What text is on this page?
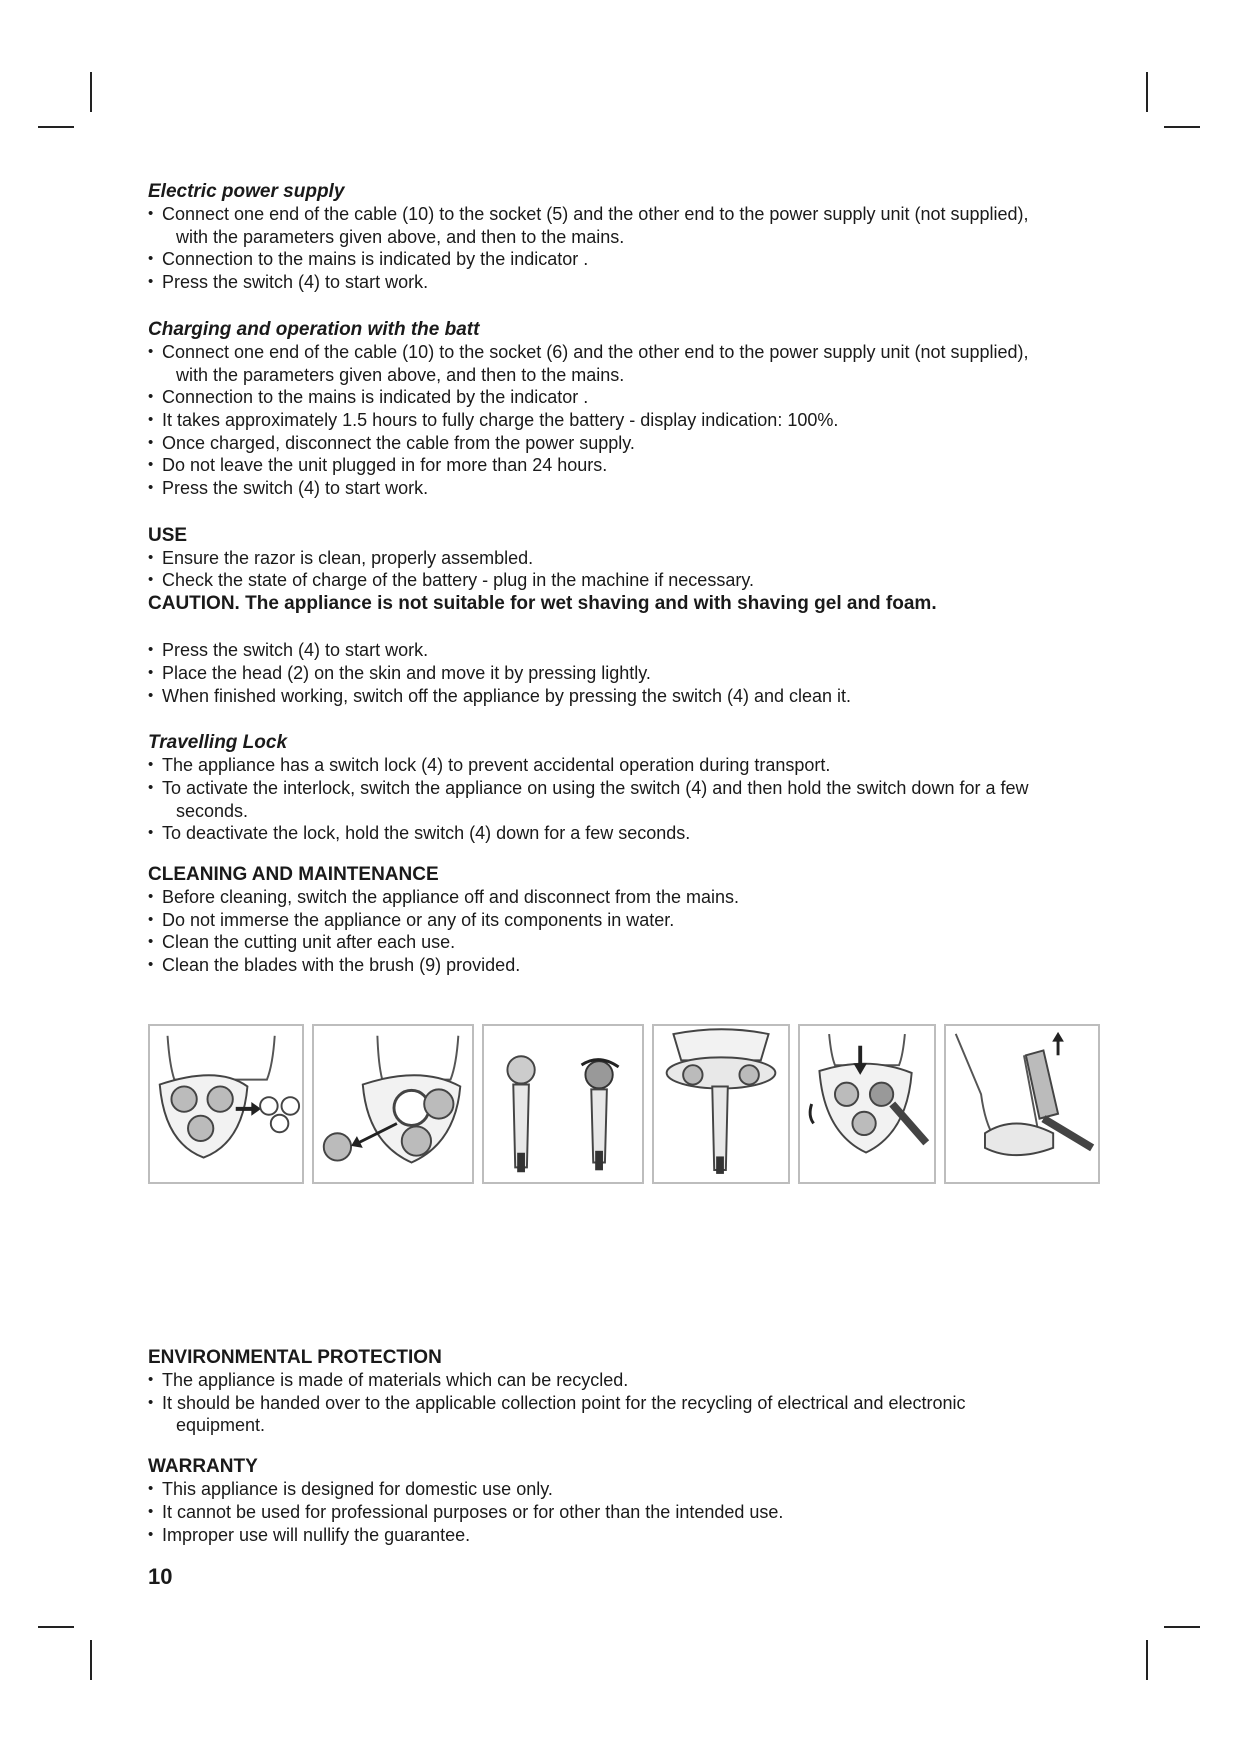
Electric power supply

• Connect one end of the cable (10) to the socket (5) and the other end to the power supply unit (not supplied),
with the parameters given above, and then to the mains.
• Connection to the mains is indicated by the indicator .
• Press the switch (4) to start work.

Charging and operation with the batt

• Connect one end of the cable (10) to the socket (6) and the other end to the power supply unit (not supplied),
with the parameters given above, and then to the mains.
• Connection to the mains is indicated by the indicator .
• It takes approximately 1.5 hours to fully charge the battery - display indication: 100%.
• Once charged, disconnect the cable from the power supply.
• Do not leave the unit plugged in for more than 24 hours.
• Press the switch (4) to start work.

USE

• Ensure the razor is clean, properly assembled.
• Check the state of charge of the battery - plug in the machine if necessary.

CAUTION. The appliance is not suitable for wet shaving and with shaving gel and foam.

• Press the switch (4) to start work.
• Place the head (2) on the skin and move it by pressing lightly.
• When finished working, switch off the appliance by pressing the switch (4) and clean it.

Travelling Lock

• The appliance has a switch lock (4) to prevent accidental operation during transport.
• To activate the interlock, switch the appliance on using the switch (4) and then hold the switch down for a few
seconds.
• To deactivate the lock, hold the switch (4) down for a few seconds.

CLEANING AND MAINTENANCE

• Before cleaning, switch the appliance off and disconnect from the mains.
• Do not immerse the appliance or any of its components in water.
• Clean the cutting unit after each use.
• Clean the blades with the brush (9) provided.

ENVIRONMENTAL PROTECTION

• The appliance is made of materials which can be recycled.
• It should be handed over to the applicable collection point for the recycling of electrical and electronic
equipment.

WARRANTY

• This appliance is designed for domestic use only.
• It cannot be used for professional purposes or for other than the intended use.
• Improper use will nullify the guarantee.
10
